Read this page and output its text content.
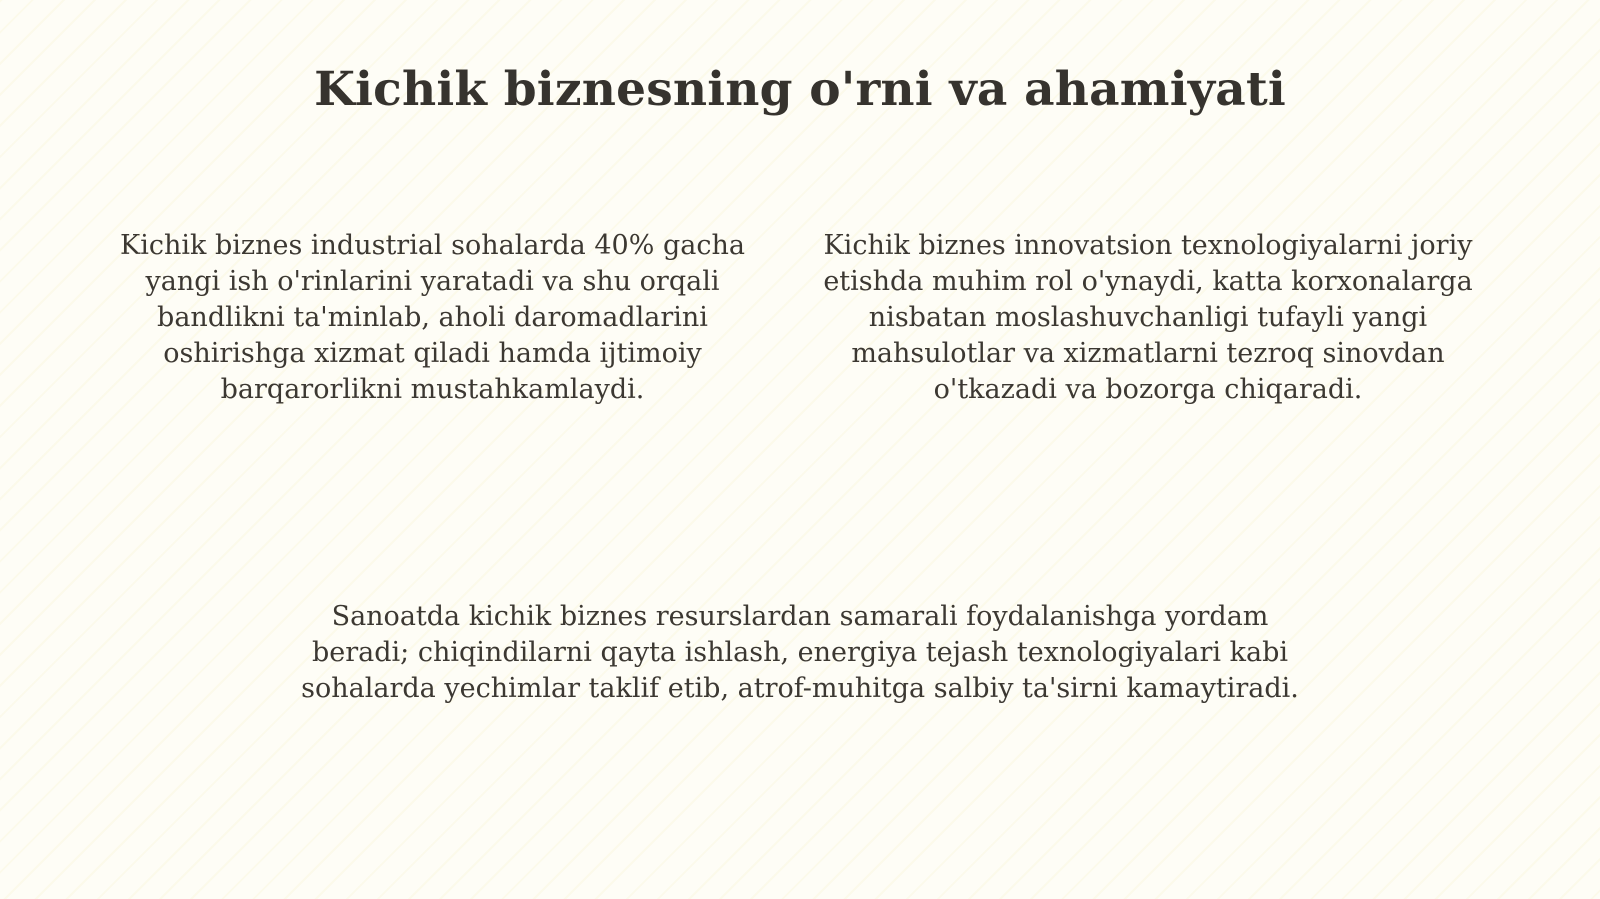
Kichik biznesning o'rni va ahamiyati

Kichik biznes industrial sohalarda 40% gacha yangi ish o'rinlarini yaratadi va shu orqali bandlikni ta'minlab, aholi daromadlarini oshirishga xizmat qiladi hamda ijtimoiy barqarorlikni mustahkamlaydi.

Kichik biznes innovatsion texnologiyalarni joriy etishda muhim rol o'ynaydi, katta korxonalarga nisbatan moslashuvchanligi tufayli yangi mahsulotlar va xizmatlarni tezroq sinovdan o'tkazadi va bozorga chiqaradi.

Sanoatda kichik biznes resurslardan samarali foydalanishga yordam beradi; chiqindilarni qayta ishlash, energiya tejash texnologiyalari kabi sohalarda yechimlar taklif etib, atrof-muhitga salbiy ta'sirni kamaytiradi.
